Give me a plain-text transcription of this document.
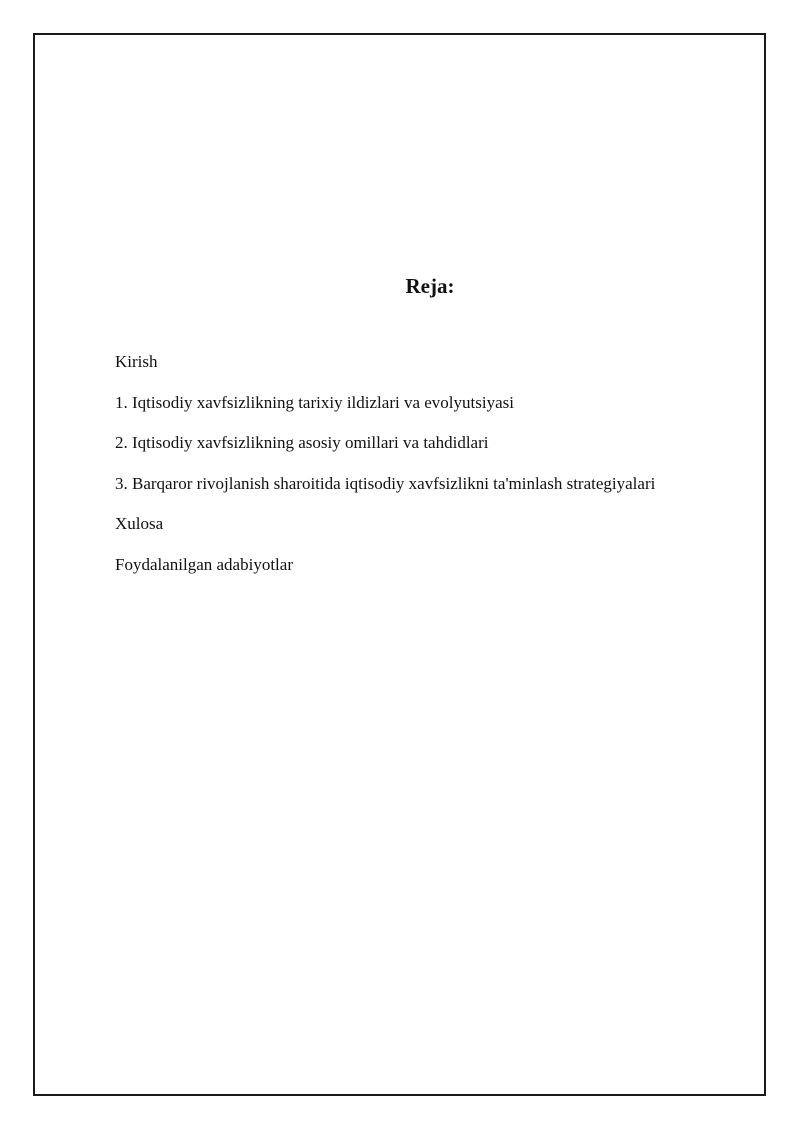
Reja:
Kirish
1. Iqtisodiy xavfsizlikning tarixiy ildizlari va evolyutsiyasi
2. Iqtisodiy xavfsizlikning asosiy omillari va tahdidlari
3. Barqaror rivojlanish sharoitida iqtisodiy xavfsizlikni ta'minlash strategiyalari
Xulosa
Foydalanilgan adabiyotlar
